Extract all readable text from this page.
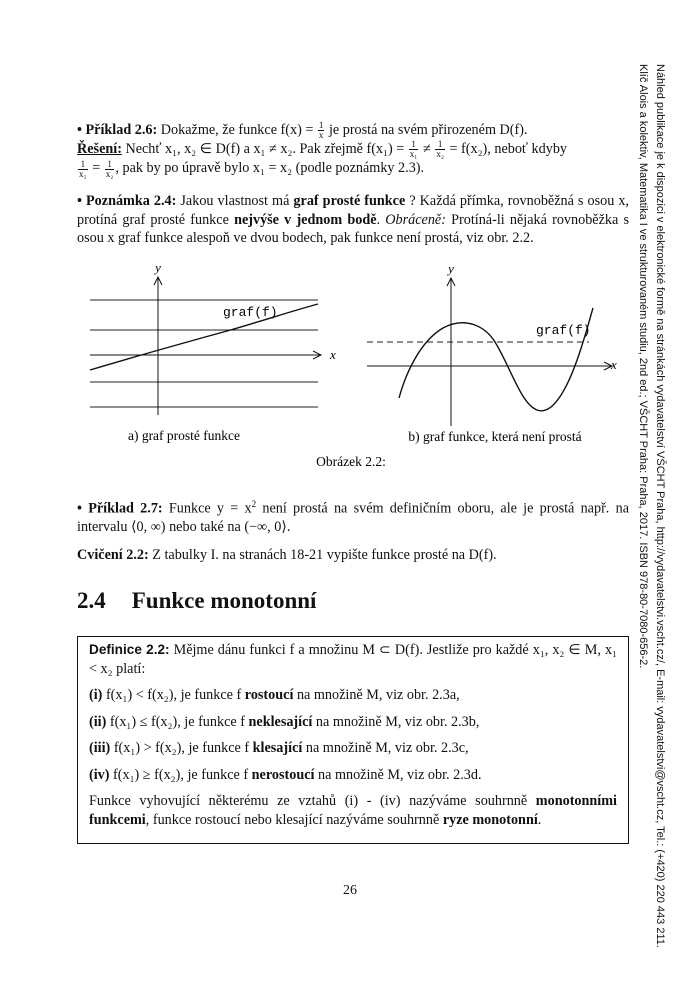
• Příklad 2.6: Dokažme, že funkce $f(x) = \frac{1}{x}$ je prostá na svém přirozeném D(f).
Řešení: Nechť x₁, x₂ ∈ D(f) a x₁ ≠ x₂. Pak zřejmě $f(x_1) = \frac{1}{\text{x₁}} \ne \frac{1}{\text{x₂}} = f(x_2)$, neboť kdyby

$\frac{1}{\text{x₁}} = \frac{1}{\text{x₂}}$ , pak by po úpravě bylo x₁ = x₂ (podle poznámky 2.3).
• Poznámka 2.4: Jakou vlastnost má graf prosté funkce ? Každá přímka, rovnoběžná s osou x, protíná graf prosté funkce nejvýše v jednom bodě. Obráceně: Protíná-li nějaká rovnoběžka s osou x graf funkce alespoň ve dvou bodech, pak funkce není prostá, viz obr. 2.2.
y
x
graf(f)
a) graf prosté funkce
y
x
graf(f)
b) graf funkce, která není prostá
Obrázek 2.2:
• Příklad 2.7: Funkce $y = x^2$ není prostá na svém definičním oboru, ale je prostá např. na intervalu ⟨0, ∞) nebo také na (−∞, 0⟩.
Cvičení 2.2: Z tabulky I. na stranách 18-21 vypište funkce prosté na D(f).
2.4 Funkce monotonní
Definice 2.2: Mějme dánu funkci f a množinu M ⊂ D(f). Jestliže pro každé x₁, x₂ ∈ M, x₁ < x₂ platí:
(i) f(x₁) < f(x₂), je funkce f rostoucí na množině M, viz obr. 2.3a,
(ii) f(x₁) ≤ f(x₂), je funkce f neklesající na množině M, viz obr. 2.3b,
(iii) f(x₁) > f(x₂), je funkce f klesající na množině M, viz obr. 2.3c,
(iv) f(x₁) ≥ f(x₂), je funkce f nerostoucí na množině M, viz obr. 2.3d.
Funkce vyhovující některému ze vztahů (i) - (iv) nazýváme souhrnně monotonními funkcemi, funkce rostoucí nebo klesající nazýváme souhrnně ryze monotonní.
26	Náhled publikace je k dispozici v elektronické formě na stránkách vydavatelství VŠCHT Praha, http://vydavatelstvi.vscht.cz/, E-mail: vydavatelstvi@vscht.cz, Tel.: (+420) 220 443 211.
Klíč Alois a kolektiv, Matematika I ve strukturovaném studiu, 2nd ed.; VŠCHT Praha: Praha, 2017. ISBN 978-80-7080-656-2.
